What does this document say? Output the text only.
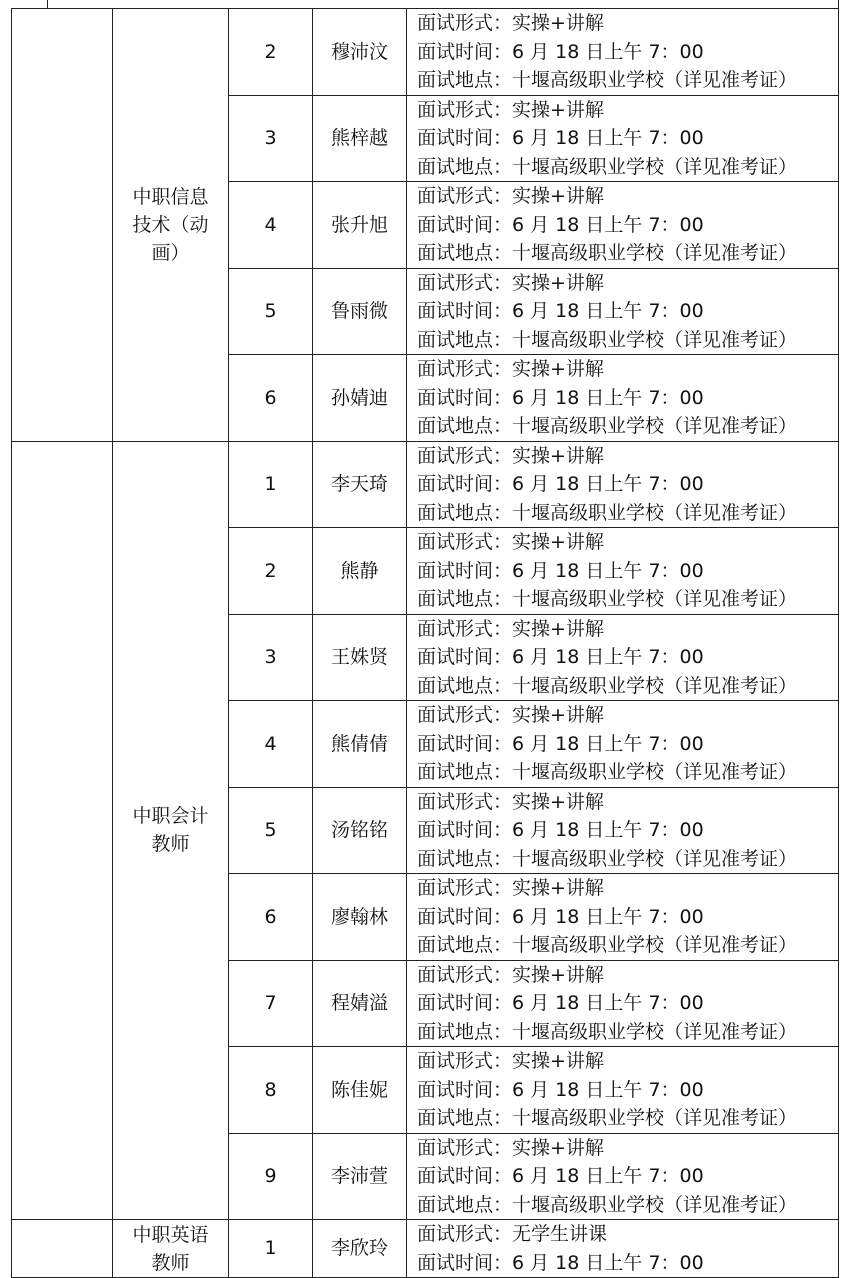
	中职信息
技术（动
画）	2	穆沛汶	面试形式：实操+讲解
面试时间：6 月 18 日上午 7：00
面试地点：十堰高级职业学校（详见准考证）

		3	熊梓越	面试形式：实操+讲解
面试时间：6 月 18 日上午 7：00
面试地点：十堰高级职业学校（详见准考证）

		4	张升旭	面试形式：实操+讲解
面试时间：6 月 18 日上午 7：00
面试地点：十堰高级职业学校（详见准考证）

		5	鲁雨微	面试形式：实操+讲解
面试时间：6 月 18 日上午 7：00
面试地点：十堰高级职业学校（详见准考证）

		6	孙婧迪	面试形式：实操+讲解
面试时间：6 月 18 日上午 7：00
面试地点：十堰高级职业学校（详见准考证）

	中职会计
教师	1	李天琦	面试形式：实操+讲解
面试时间：6 月 18 日上午 7：00
面试地点：十堰高级职业学校（详见准考证）

		2	熊静	面试形式：实操+讲解
面试时间：6 月 18 日上午 7：00
面试地点：十堰高级职业学校（详见准考证）

		3	王姝贤	面试形式：实操+讲解
面试时间：6 月 18 日上午 7：00
面试地点：十堰高级职业学校（详见准考证）

		4	熊倩倩	面试形式：实操+讲解
面试时间：6 月 18 日上午 7：00
面试地点：十堰高级职业学校（详见准考证）

		5	汤铭铭	面试形式：实操+讲解
面试时间：6 月 18 日上午 7：00
面试地点：十堰高级职业学校（详见准考证）

		6	廖翰林	面试形式：实操+讲解
面试时间：6 月 18 日上午 7：00
面试地点：十堰高级职业学校（详见准考证）

		7	程婧溢	面试形式：实操+讲解
面试时间：6 月 18 日上午 7：00
面试地点：十堰高级职业学校（详见准考证）

		8	陈佳妮	面试形式：实操+讲解
面试时间：6 月 18 日上午 7：00
面试地点：十堰高级职业学校（详见准考证）

		9	李沛萱	面试形式：实操+讲解
面试时间：6 月 18 日上午 7：00
面试地点：十堰高级职业学校（详见准考证）

	中职英语
教师	1	李欣玲	面试形式：无学生讲课
面试时间：6 月 18 日上午 7：00
